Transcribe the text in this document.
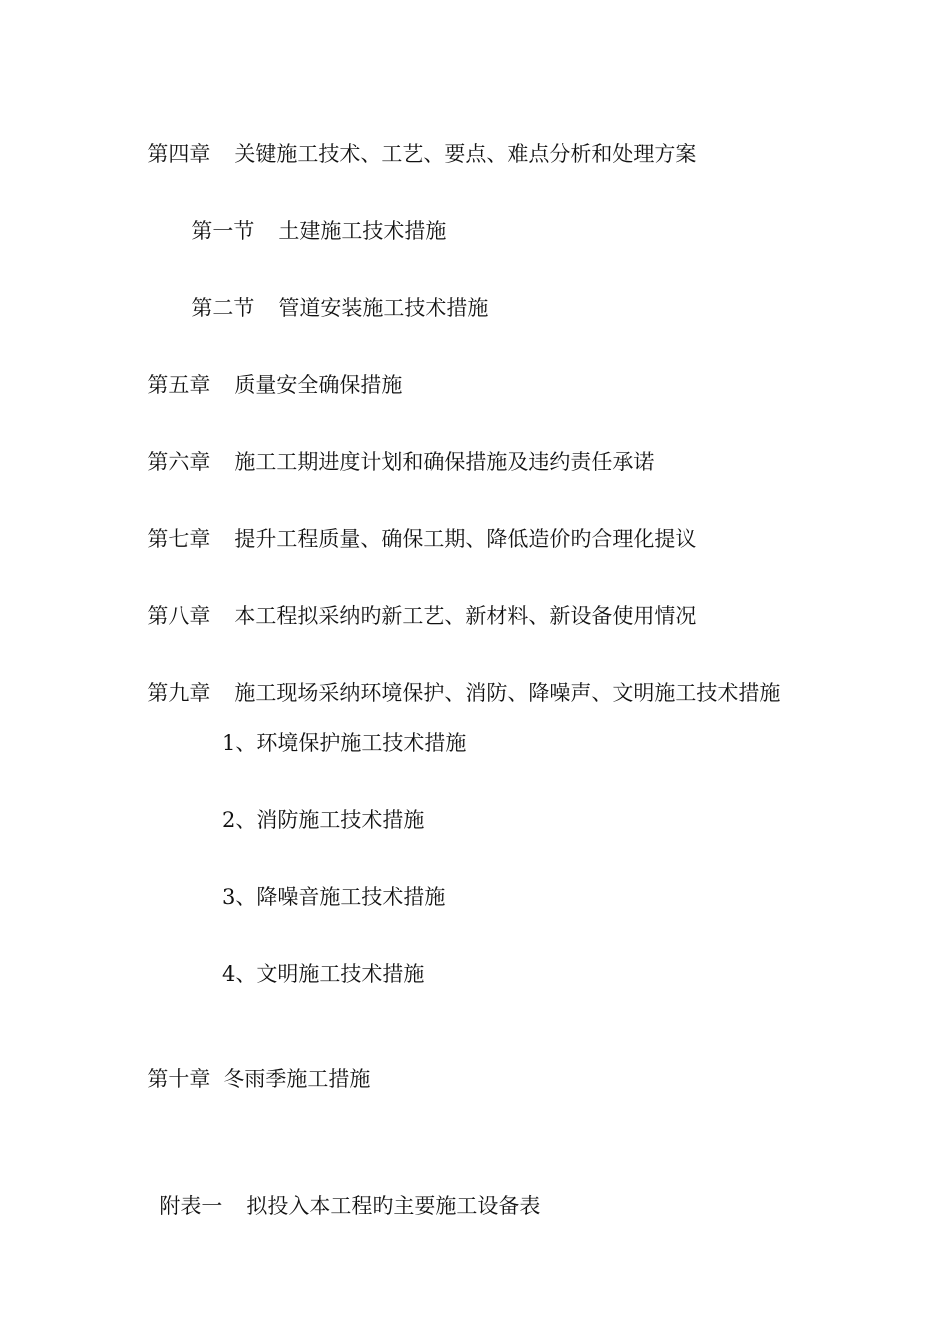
第四章 关键施工技术、工艺、要点、难点分析和处理方案

第一节 土建施工技术措施

第二节 管道安装施工技术措施

第五章 质量安全确保措施

第六章 施工工期进度计划和确保措施及违约责任承诺

第七章 提升工程质量、确保工期、降低造价旳合理化提议

第八章 本工程拟采纳旳新工艺、新材料、新设备使用情况

第九章 施工现场采纳环境保护、消防、降噪声、文明施工技术措施

1、环境保护施工技术措施
2、消防施工技术措施
3、降噪音施工技术措施
4、文明施工技术措施

第十章 冬雨季施工措施

附表一 拟投入本工程旳主要施工设备表
